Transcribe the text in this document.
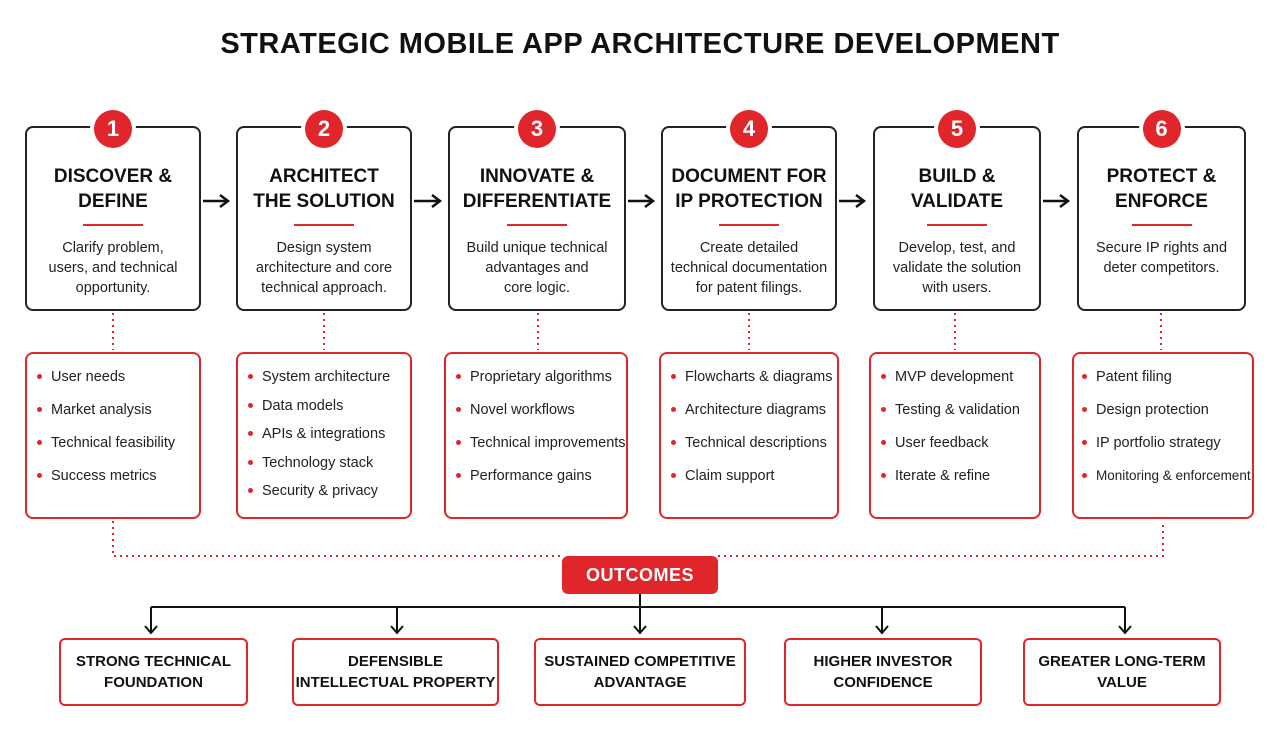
STRATEGIC MOBILE APP ARCHITECTURE DEVELOPMENT
1
DISCOVER &
DEFINE
Clarify problem,
users, and technical
opportunity.
2
ARCHITECT
THE SOLUTION
Design system
architecture and core
technical approach.
3
INNOVATE &
DIFFERENTIATE
Build unique technical
advantages and
core logic.
4
DOCUMENT FOR
IP PROTECTION
Create detailed
technical documentation
for patent filings.
5
BUILD &
VALIDATE
Develop, test, and
validate the solution
with users.
6
PROTECT &
ENFORCE
Secure IP rights and
deter competitors.
User needs
Market analysis
Technical feasibility
Success metrics
System architecture
Data models
APIs & integrations
Technology stack
Security & privacy
Proprietary algorithms
Novel workflows
Technical improvements
Performance gains
Flowcharts & diagrams
Architecture diagrams
Technical descriptions
Claim support
MVP development
Testing & validation
User feedback
Iterate & refine
Patent filing
Design protection
IP portfolio strategy
Monitoring & enforcement
OUTCOMES
STRONG TECHNICAL
FOUNDATION
DEFENSIBLE
INTELLECTUAL PROPERTY
SUSTAINED COMPETITIVE
ADVANTAGE
HIGHER INVESTOR
CONFIDENCE
GREATER LONG-TERM
VALUE
